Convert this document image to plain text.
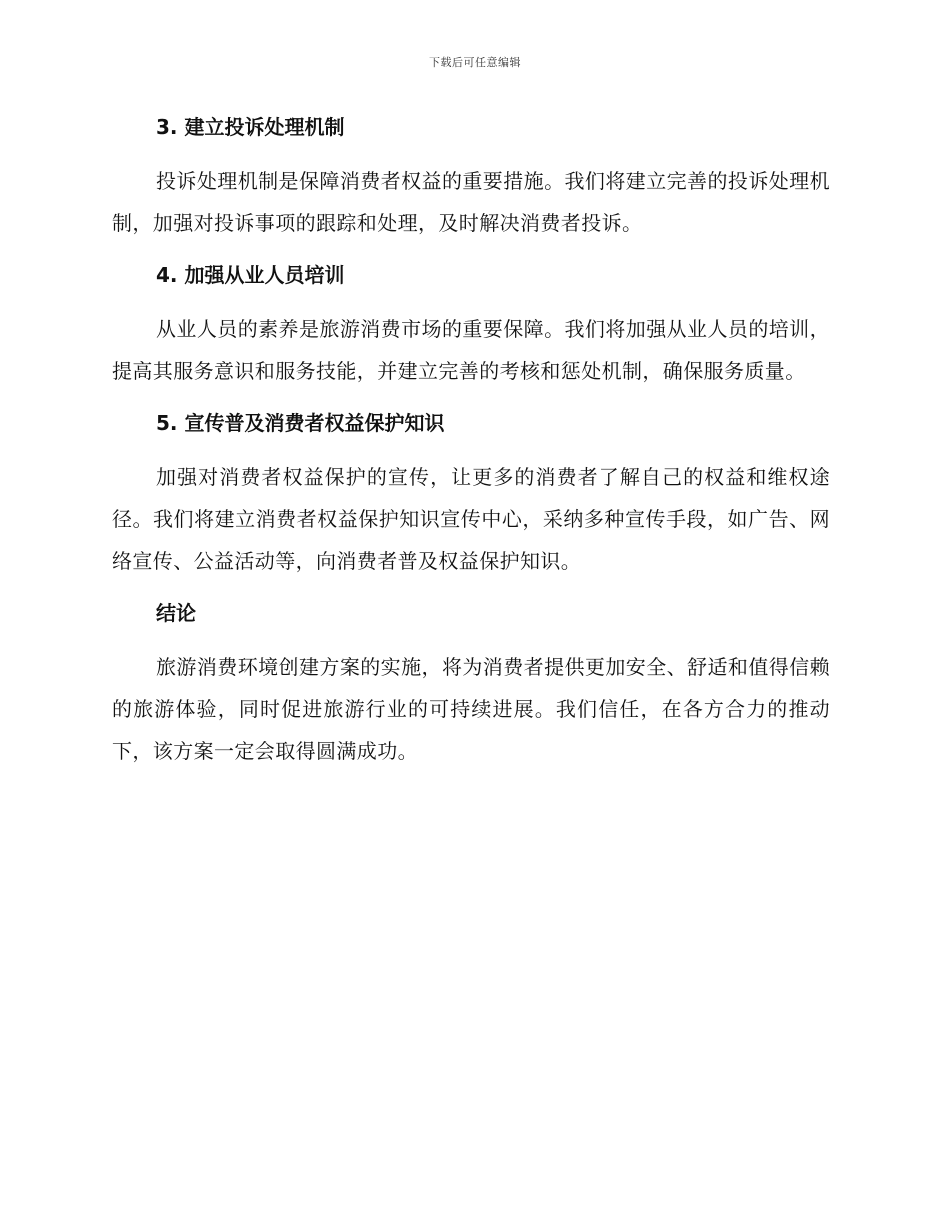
下载后可任意编辑
3. 建立投诉处理机制

投诉处理机制是保障消费者权益的重要措施。我们将建立完善的投诉处理机制，加强对投诉事项的跟踪和处理，及时解决消费者投诉。

4. 加强从业人员培训

从业人员的素养是旅游消费市场的重要保障。我们将加强从业人员的培训，提高其服务意识和服务技能，并建立完善的考核和惩处机制，确保服务质量。

5. 宣传普及消费者权益保护知识

加强对消费者权益保护的宣传，让更多的消费者了解自己的权益和维权途径。我们将建立消费者权益保护知识宣传中心，采纳多种宣传手段，如广告、网络宣传、公益活动等，向消费者普及权益保护知识。

结论

旅游消费环境创建方案的实施，将为消费者提供更加安全、舒适和值得信赖的旅游体验，同时促进旅游行业的可持续进展。我们信任，在各方合力的推动下，该方案一定会取得圆满成功。
